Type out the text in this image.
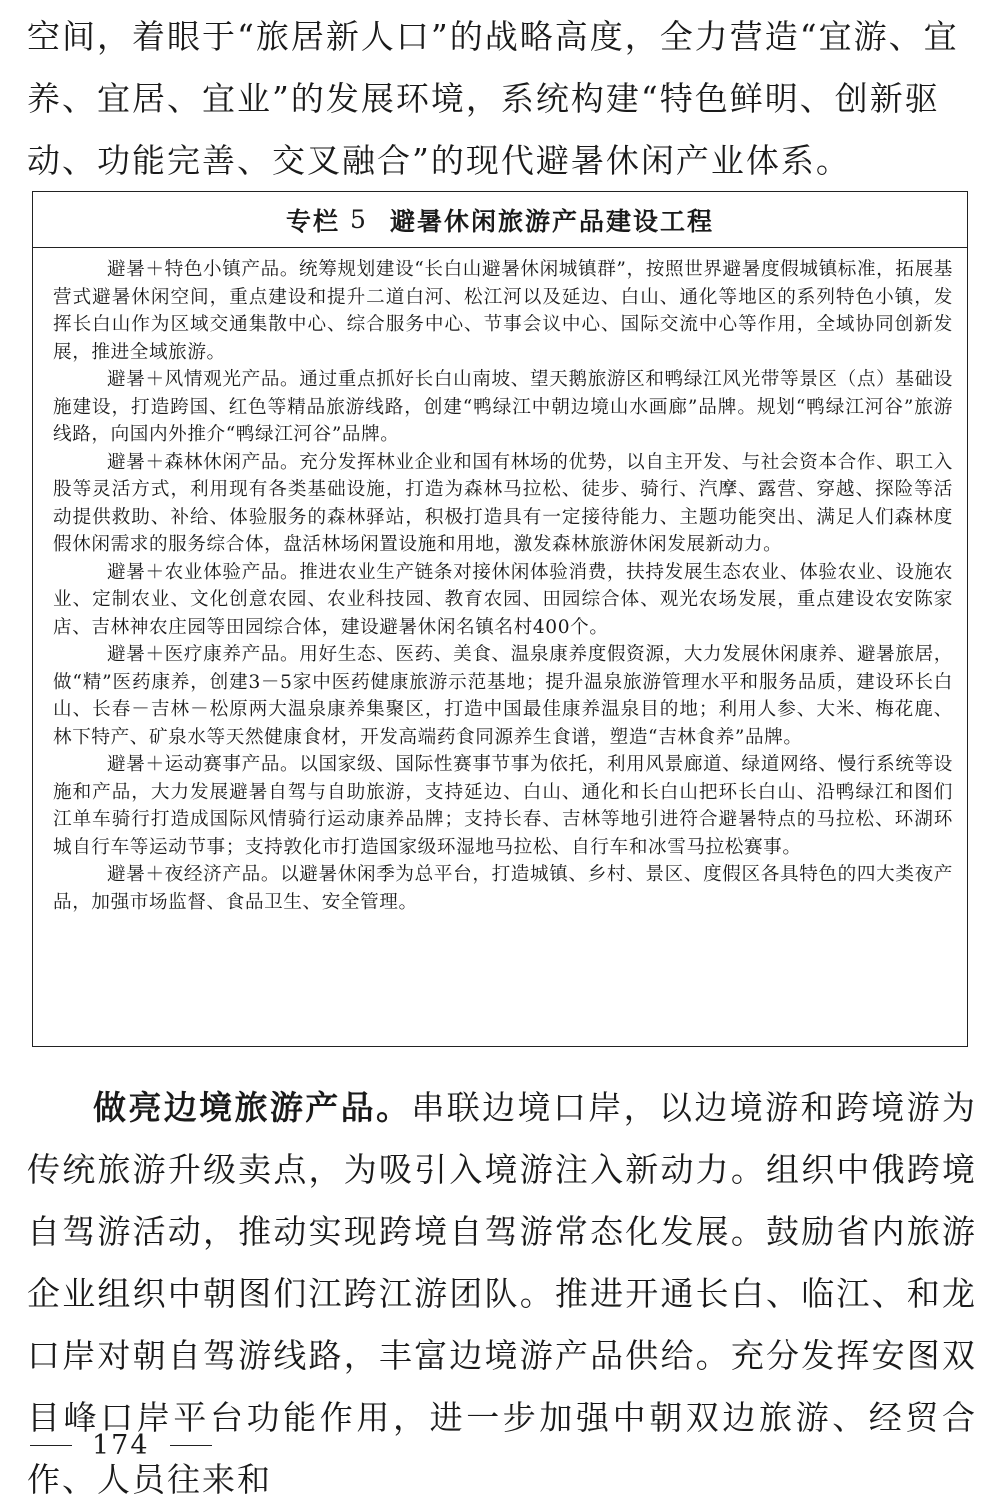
空间，着眼于“旅居新人口”的战略高度，全力营造“宜游、宜养、宜居、宜业”的发展环境，系统构建“特色鲜明、创新驱动、功能完善、交叉融合”的现代避暑休闲产业体系。

专栏 5 避暑休闲旅游产品建设工程

避暑＋特色小镇产品。统筹规划建设“长白山避暑休闲城镇群”，按照世界避暑度假城镇标准，拓展基营式避暑休闲空间，重点建设和提升二道白河、松江河以及延边、白山、通化等地区的系列特色小镇，发挥长白山作为区域交通集散中心、综合服务中心、节事会议中心、国际交流中心等作用，全域协同创新发展，推进全域旅游。

避暑＋风情观光产品。通过重点抓好长白山南坡、望天鹅旅游区和鸭绿江风光带等景区（点）基础设施建设，打造跨国、红色等精品旅游线路，创建“鸭绿江中朝边境山水画廊”品牌。规划“鸭绿江河谷”旅游线路，向国内外推介“鸭绿江河谷”品牌。

避暑＋森林休闲产品。充分发挥林业企业和国有林场的优势，以自主开发、与社会资本合作、职工入股等灵活方式，利用现有各类基础设施，打造为森林马拉松、徒步、骑行、汽摩、露营、穿越、探险等活动提供救助、补给、体验服务的森林驿站，积极打造具有一定接待能力、主题功能突出、满足人们森林度假休闲需求的服务综合体，盘活林场闲置设施和用地，激发森林旅游休闲发展新动力。

避暑＋农业体验产品。推进农业生产链条对接休闲体验消费，扶持发展生态农业、体验农业、设施农业、定制农业、文化创意农园、农业科技园、教育农园、田园综合体、观光农场发展，重点建设农安陈家店、吉林神农庄园等田园综合体，建设避暑休闲名镇名村400个。

避暑＋医疗康养产品。用好生态、医药、美食、温泉康养度假资源，大力发展休闲康养、避暑旅居，做“精”医药康养，创建3－5家中医药健康旅游示范基地；提升温泉旅游管理水平和服务品质，建设环长白山、长春－吉林－松原两大温泉康养集聚区，打造中国最佳康养温泉目的地；利用人参、大米、梅花鹿、林下特产、矿泉水等天然健康食材，开发高端药食同源养生食谱，塑造“吉林食养”品牌。

避暑＋运动赛事产品。以国家级、国际性赛事节事为依托，利用风景廊道、绿道网络、慢行系统等设施和产品，大力发展避暑自驾与自助旅游，支持延边、白山、通化和长白山把环长白山、沿鸭绿江和图们江单车骑行打造成国际风情骑行运动康养品牌；支持长春、吉林等地引进符合避暑特点的马拉松、环湖环城自行车等运动节事；支持敦化市打造国家级环湿地马拉松、自行车和冰雪马拉松赛事。

避暑＋夜经济产品。以避暑休闲季为总平台，打造城镇、乡村、景区、度假区各具特色的四大类夜产品，加强市场监督、食品卫生、安全管理。

做亮边境旅游产品。串联边境口岸，以边境游和跨境游为传统旅游升级卖点，为吸引入境游注入新动力。组织中俄跨境自驾游活动，推动实现跨境自驾游常态化发展。鼓励省内旅游企业组织中朝图们江跨江游团队。推进开通长白、临江、和龙口岸对朝自驾游线路，丰富边境游产品供给。充分发挥安图双目峰口岸平台功能作用，进一步加强中朝双边旅游、经贸合作、人员往来和

174
